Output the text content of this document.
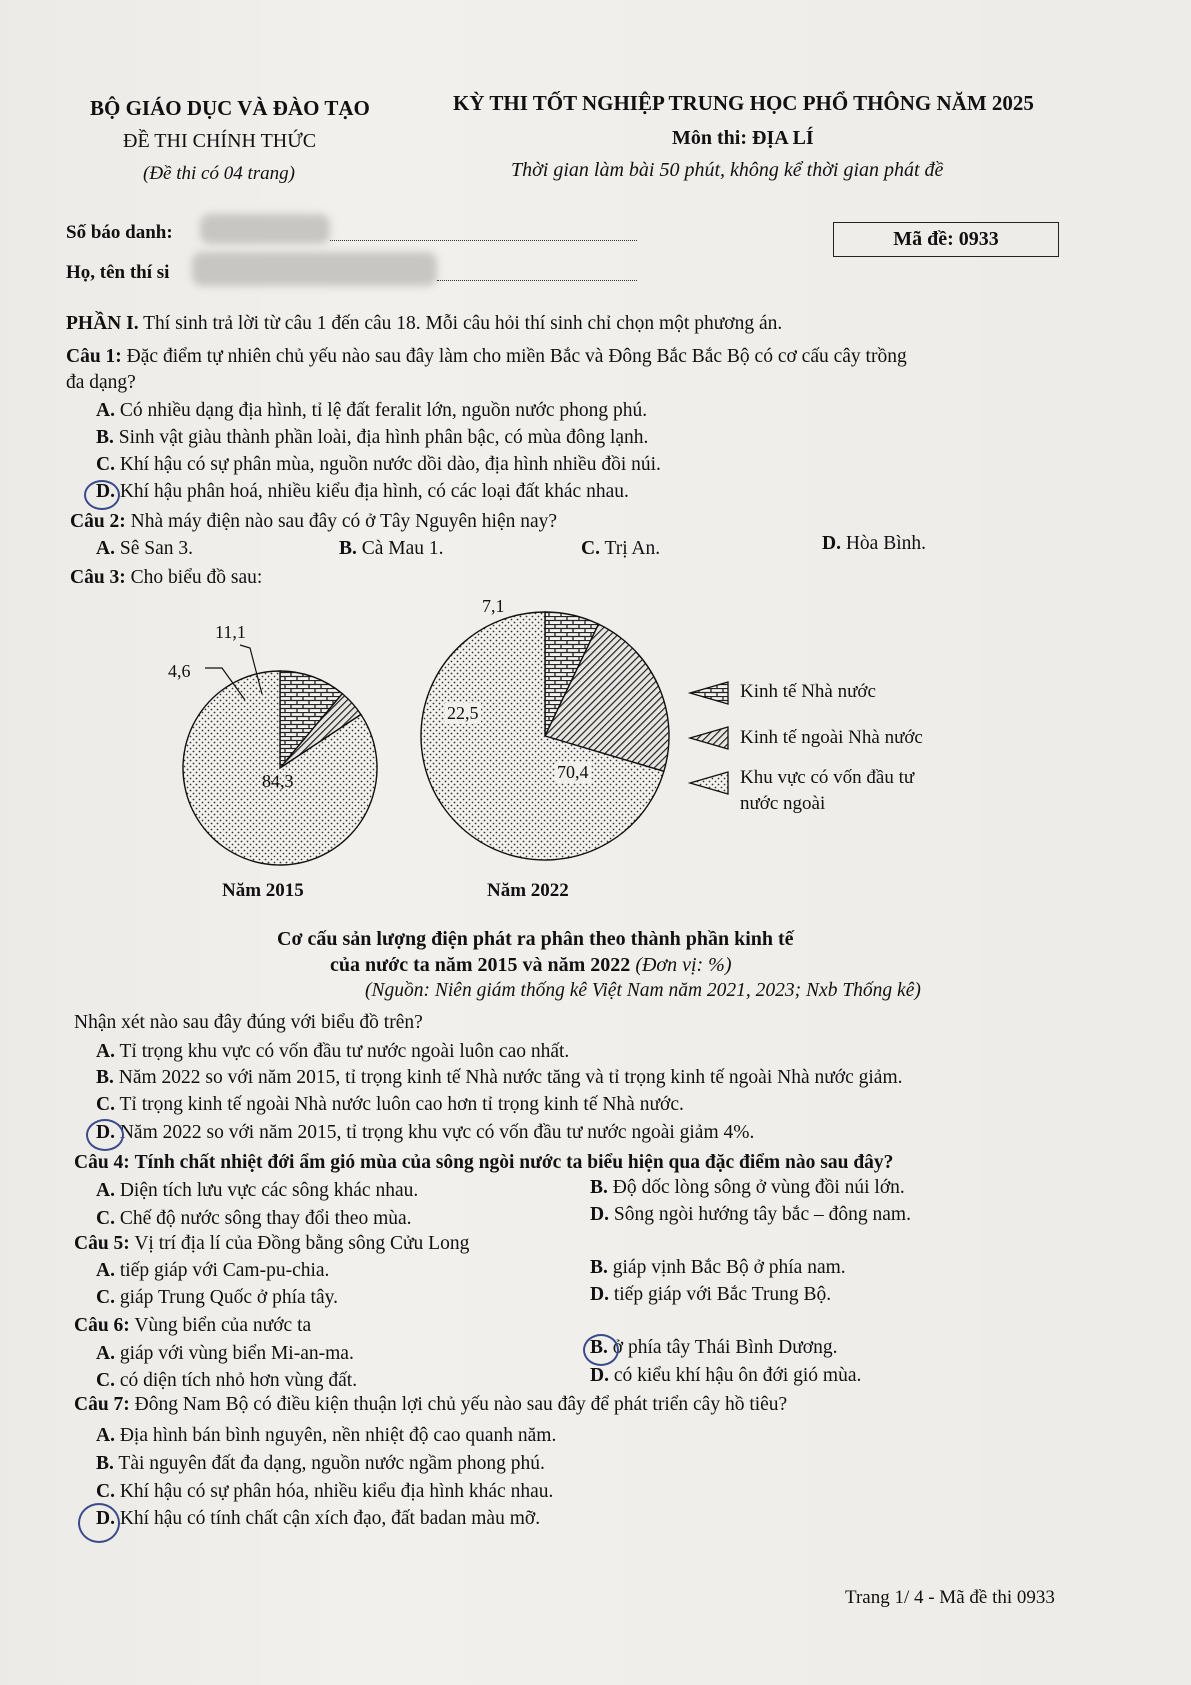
BỘ GIÁO DỤC VÀ ĐÀO TẠO
ĐỀ THI CHÍNH THỨC
(Đề thi có 04 trang)
KỲ THI TỐT NGHIỆP TRUNG HỌC PHỔ THÔNG NĂM 2025
Môn thi: ĐỊA LÍ
Thời gian làm bài 50 phút, không kể thời gian phát đề
Số báo danh:
Họ, tên thí si
Mã đề: 0933
PHẦN I. Thí sinh trả lời từ câu 1 đến câu 18. Mỗi câu hỏi thí sinh chỉ chọn một phương án.
Câu 1: Đặc điểm tự nhiên chủ yếu nào sau đây làm cho miền Bắc và Đông Bắc Bắc Bộ có cơ cấu cây trồng
đa dạng?
A. Có nhiều dạng địa hình, tỉ lệ đất feralit lớn, nguồn nước phong phú.
B. Sinh vật giàu thành phần loài, địa hình phân bậc, có mùa đông lạnh.
C. Khí hậu có sự phân mùa, nguồn nước dồi dào, địa hình nhiều đồi núi.
D. Khí hậu phân hoá, nhiều kiểu địa hình, có các loại đất khác nhau.
Câu 2: Nhà máy điện nào sau đây có ở Tây Nguyên hiện nay?
A. Sê San 3.	B. Cà Mau 1.	C. Trị An.	D. Hòa Bình.
Câu 3: Cho biểu đồ sau:
11,1
4,6
84,3
7,1
22,5
70,4
Năm 2015	Năm 2022
Kinh tế Nhà nước
Kinh tế ngoài Nhà nước
Khu vực có vốn đầu tư
nước ngoài
Cơ cấu sản lượng điện phát ra phân theo thành phần kinh tế
của nước ta năm 2015 và năm 2022 (Đơn vị: %)
(Nguồn: Niên giám thống kê Việt Nam năm 2021, 2023; Nxb Thống kê)
Nhận xét nào sau đây đúng với biểu đồ trên?
A. Tỉ trọng khu vực có vốn đầu tư nước ngoài luôn cao nhất.
B. Năm 2022 so với năm 2015, tỉ trọng kinh tế Nhà nước tăng và tỉ trọng kinh tế ngoài Nhà nước giảm.
C. Tỉ trọng kinh tế ngoài Nhà nước luôn cao hơn tỉ trọng kinh tế Nhà nước.
D. Năm 2022 so với năm 2015, tỉ trọng khu vực có vốn đầu tư nước ngoài giảm 4%.
Câu 4: Tính chất nhiệt đới ẩm gió mùa của sông ngòi nước ta biểu hiện qua đặc điểm nào sau đây?
A. Diện tích lưu vực các sông khác nhau.	B. Độ dốc lòng sông ở vùng đồi núi lớn.
C. Chế độ nước sông thay đổi theo mùa.	D. Sông ngòi hướng tây bắc – đông nam.
Câu 5: Vị trí địa lí của Đồng bằng sông Cửu Long
A. tiếp giáp với Cam-pu-chia.	B. giáp vịnh Bắc Bộ ở phía nam.
C. giáp Trung Quốc ở phía tây.	D. tiếp giáp với Bắc Trung Bộ.
Câu 6: Vùng biển của nước ta
A. giáp với vùng biển Mi-an-ma.	B. ở phía tây Thái Bình Dương.
C. có diện tích nhỏ hơn vùng đất.	D. có kiểu khí hậu ôn đới gió mùa.
Câu 7: Đông Nam Bộ có điều kiện thuận lợi chủ yếu nào sau đây để phát triển cây hồ tiêu?
A. Địa hình bán bình nguyên, nền nhiệt độ cao quanh năm.
B. Tài nguyên đất đa dạng, nguồn nước ngầm phong phú.
C. Khí hậu có sự phân hóa, nhiều kiểu địa hình khác nhau.
D. Khí hậu có tính chất cận xích đạo, đất badan màu mỡ.
Trang 1/ 4 - Mã đề thi 0933
